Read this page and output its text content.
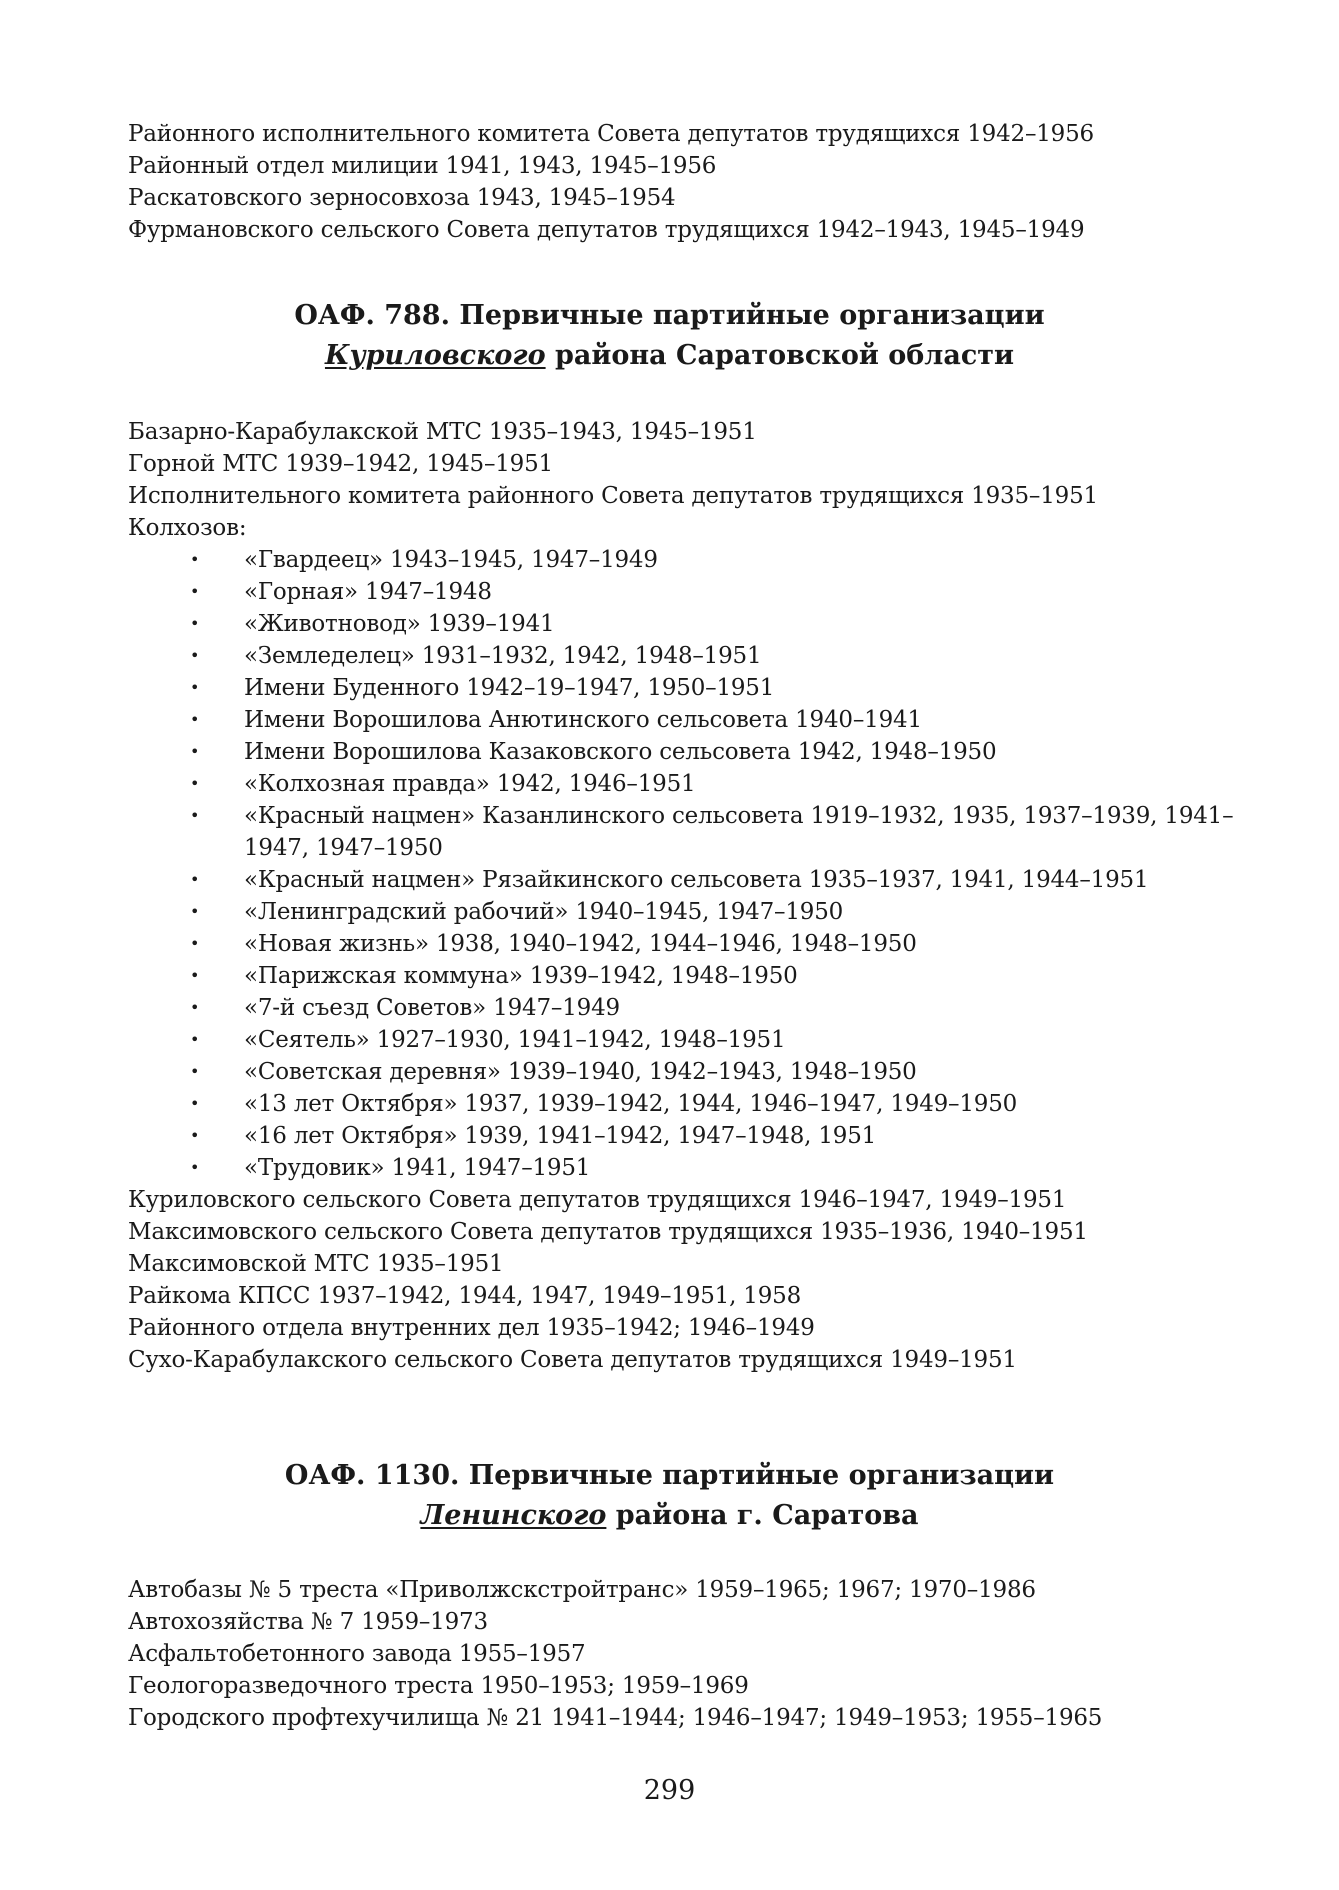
Районного исполнительного комитета Совета депутатов трудящихся 1942–1956
Районный отдел милиции 1941, 1943, 1945–1956
Раскатовского зерносовхоза 1943, 1945–1954
Фурмановского сельского Совета депутатов трудящихся 1942–1943, 1945–1949
ОАФ. 788. Первичные партийные организации
Куриловского района Саратовской области
Базарно-Карабулакской МТС 1935–1943, 1945–1951
Горной МТС 1939–1942, 1945–1951
Исполнительного комитета районного Совета депутатов трудящихся 1935–1951
Колхозов:
• «Гвардеец» 1943–1945, 1947–1949
• «Горная» 1947–1948
• «Животновод» 1939–1941
• «Земледелец» 1931–1932, 1942, 1948–1951
• Имени Буденного 1942–19–1947, 1950–1951
• Имени Ворошилова Анютинского сельсовета 1940–1941
• Имени Ворошилова Казаковского сельсовета 1942, 1948–1950
• «Колхозная правда» 1942, 1946–1951
• «Красный нацмен» Казанлинского сельсовета 1919–1932, 1935, 1937–1939, 1941–
1947, 1947–1950
• «Красный нацмен» Рязайкинского сельсовета 1935–1937, 1941, 1944–1951
• «Ленинградский рабочий» 1940–1945, 1947–1950
• «Новая жизнь» 1938, 1940–1942, 1944–1946, 1948–1950
• «Парижская коммуна» 1939–1942, 1948–1950
• «7-й съезд Советов» 1947–1949
• «Сеятель» 1927–1930, 1941–1942, 1948–1951
• «Советская деревня» 1939–1940, 1942–1943, 1948–1950
• «13 лет Октября» 1937, 1939–1942, 1944, 1946–1947, 1949–1950
• «16 лет Октября» 1939, 1941–1942, 1947–1948, 1951
• «Трудовик» 1941, 1947–1951
Куриловского сельского Совета депутатов трудящихся 1946–1947, 1949–1951
Максимовского сельского Совета депутатов трудящихся 1935–1936, 1940–1951
Максимовской МТС 1935–1951
Райкома КПСС 1937–1942, 1944, 1947, 1949–1951, 1958
Районного отдела внутренних дел 1935–1942; 1946–1949
Сухо-Карабулакского сельского Совета депутатов трудящихся 1949–1951
ОАФ. 1130. Первичные партийные организации
Ленинского района г. Саратова
Автобазы № 5 треста «Приволжскстройтранс» 1959–1965; 1967; 1970–1986
Автохозяйства № 7 1959–1973
Асфальтобетонного завода 1955–1957
Геологоразведочного треста 1950–1953; 1959–1969
Городского профтехучилища № 21 1941–1944; 1946–1947; 1949–1953; 1955–1965
299
